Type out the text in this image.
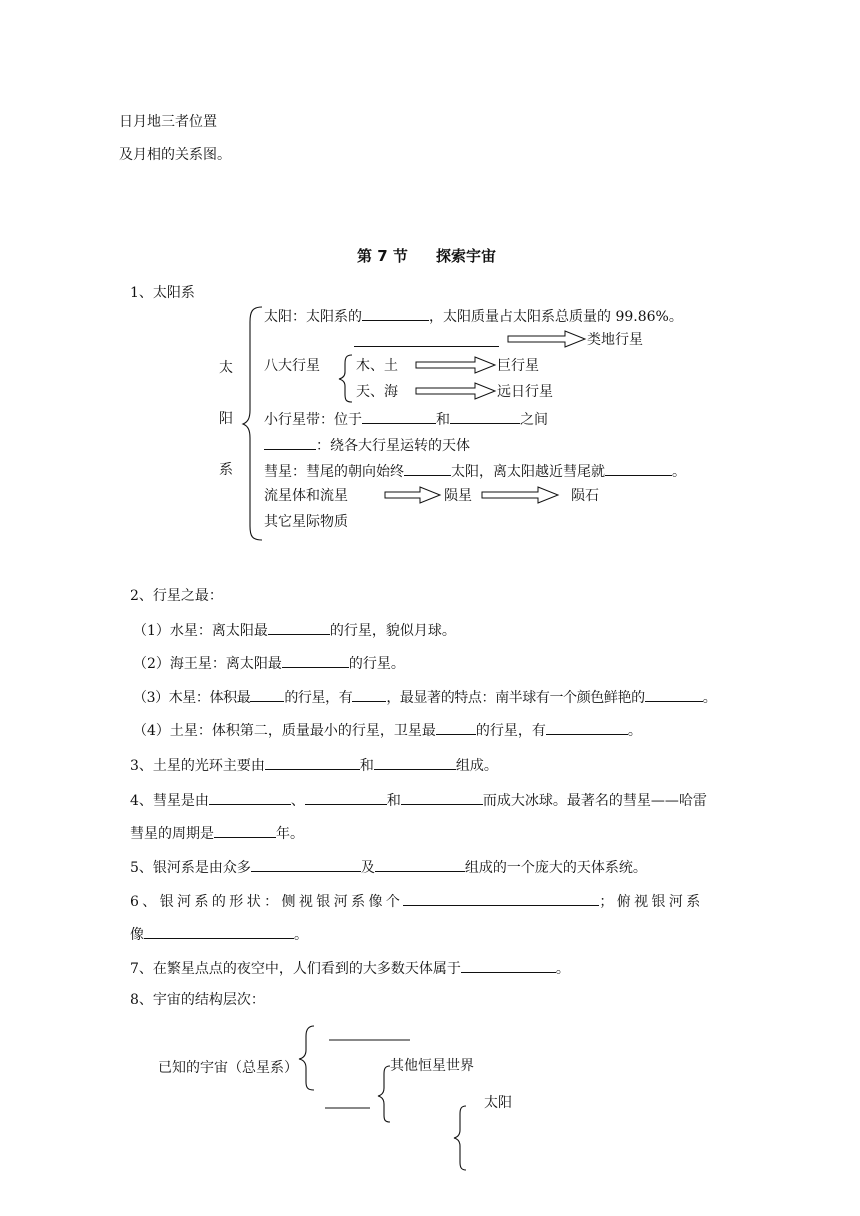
日月地三者位置
及月相的关系图。
第 7 节 探索宇宙
1、太阳系
太
阳
系
太阳：太阳系的	，太阳质量占太阳系总质量的 99.86%。
类地行星
八大行星	木、土	巨行星
天、海	远日行星
小行星带：位于	和	之间
：绕各大行星运转的天体
彗星：彗尾的朝向始终	太阳，离太阳越近彗尾就	。
流星体和流星	陨星	陨石
其它星际物质
2、行星之最：
（1）水星：离太阳最	的行星，貌似月球。
（2）海王星：离太阳最	的行星。
（3）木星：体积最 的行星，有 ，最显著的特点：南半球有一个颜色鲜艳的	。
（4）土星：体积第二，质量最小的行星，卫星最	的行星，有	。
3、土星的光环主要由	和	组成。
4、彗星是由	、	和	而成大冰球。最著名的彗星——哈雷
彗星的周期是	年。
5、银河系是由众多	及	组成的一个庞大的天体系统。
6、银河系的形状：侧视银河系像个	；俯视银河系
像	。
7、在繁星点点的夜空中，人们看到的大多数天体属于	。
8、宇宙的结构层次：
已知的宇宙（总星系）	其他恒星世界
太阳
